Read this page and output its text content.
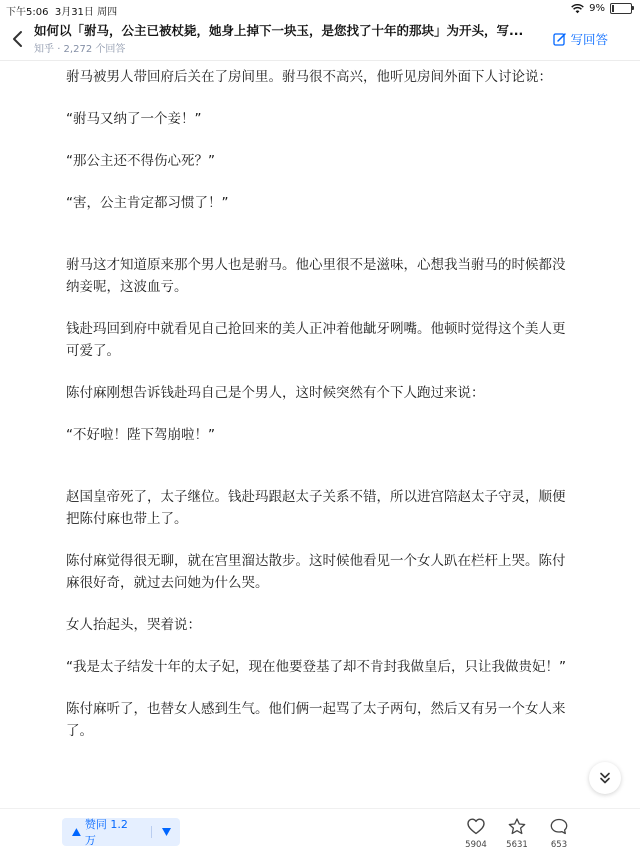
下午5:06 3月31日 周四	9%
如何以「驸马，公主已被杖毙，她身上掉下一块玉，是您找了十年的那块」为开头，写...
知乎 · 2,272 个回答
写回答

驸马被男人带回府后关在了房间里。驸马很不高兴，他听见房间外面下人讨论说：

“驸马又纳了一个妾！”

“那公主还不得伤心死？”

“害，公主肯定都习惯了！”

驸马这才知道原来那个男人也是驸马。他心里很不是滋味，心想我当驸马的时候都没纳妾呢，这波血亏。

钱赴玛回到府中就看见自己抢回来的美人正冲着他龇牙咧嘴。他顿时觉得这个美人更可爱了。

陈付麻刚想告诉钱赴玛自己是个男人，这时候突然有个下人跑过来说：

“不好啦！陛下驾崩啦！”

赵国皇帝死了，太子继位。钱赴玛跟赵太子关系不错，所以进宫陪赵太子守灵，顺便把陈付麻也带上了。

陈付麻觉得很无聊，就在宫里溜达散步。这时候他看见一个女人趴在栏杆上哭。陈付麻很好奇，就过去问她为什么哭。

女人抬起头，哭着说：

“我是太子结发十年的太子妃，现在他要登基了却不肯封我做皇后，只让我做贵妃！”

陈付麻听了，也替女人感到生气。他们俩一起骂了太子两句，然后又有另一个女人来了。

赞同 1.2 万	5904	5631	653
